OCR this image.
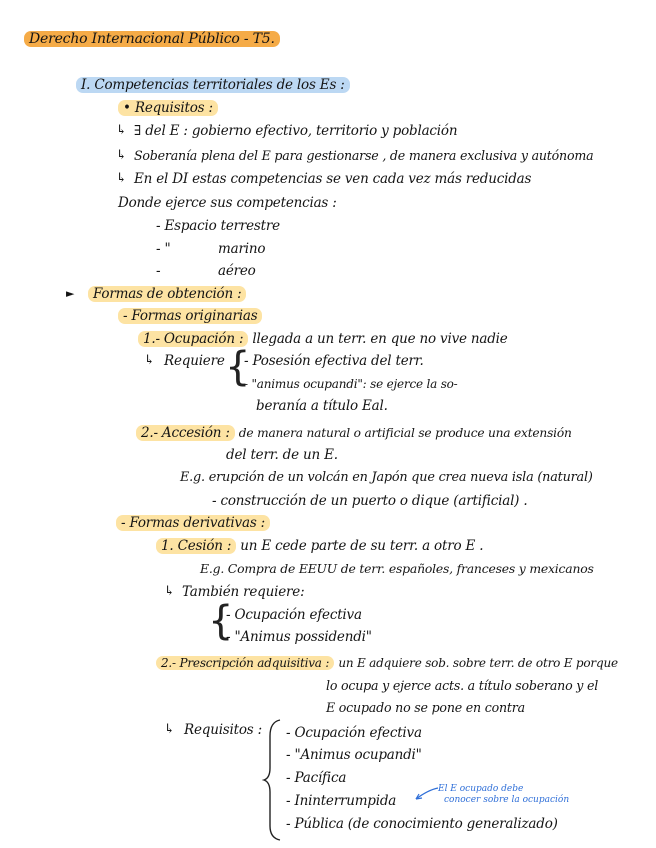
Derecho Internacional Público - T5.
I. Competencias territoriales de los Es :
• Requisitos :
↳ ∃ del E : gobierno efectivo, territorio y población
↳ Soberanía plena del E para gestionarse , de manera exclusiva y autónoma
↳ En el DI estas competencias se ven cada vez más reducidas
Donde ejerce sus competencias :
- Espacio terrestre
- "	marino
-	aéreo
►	Formas de obtención :
- Formas originarias
1.- Ocupación : llegada a un terr. en que no vive nadie
↳ Requiere {
- Posesión efectiva del terr.
- "animus ocupandi": se ejerce la so-
beranía a título Eal.
2.- Accesión : de manera natural o artificial se produce una extensión
del terr. de un E.
E.g. erupción de un volcán en Japón que crea nueva isla (natural)
- construcción de un puerto o dique (artificial) .
- Formas derivativas :
1. Cesión : un E cede parte de su terr. a otro E .
E.g. Compra de EEUU de terr. españoles, franceses y mexicanos
↳ También requiere:
{
- Ocupación efectiva
- "Animus possidendi"
2.- Prescripción adquisitiva : un E adquiere sob. sobre terr. de otro E porque
lo ocupa y ejerce acts. a título soberano y el
E ocupado no se pone en contra
↳ Requisitos : - Ocupación efectiva
- "Animus ocupandi"
- Pacífica
- Ininterrumpida
- Pública (de conocimiento generalizado)
El E ocupado debe
conocer sobre la ocupación
